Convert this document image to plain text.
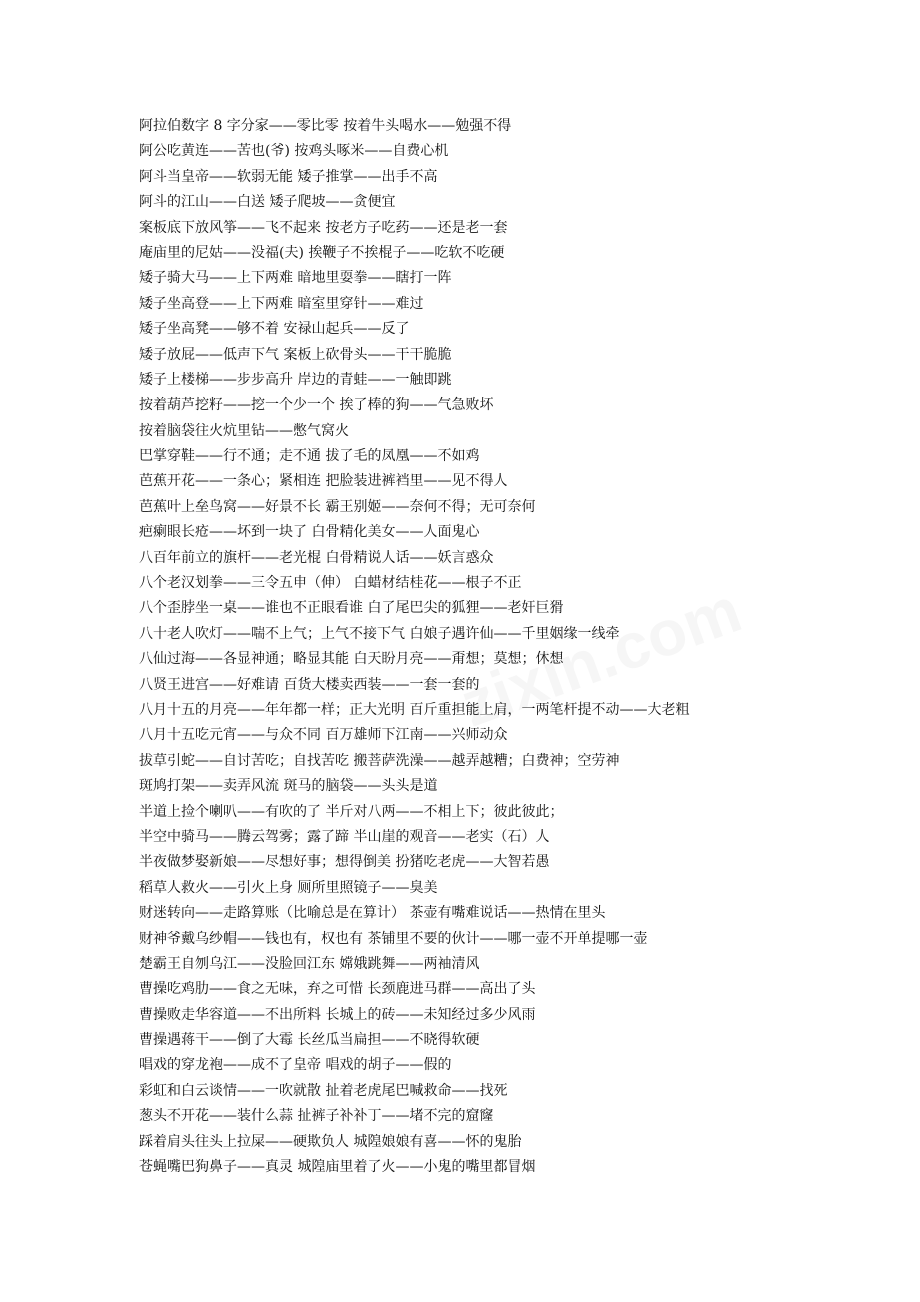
阿拉伯数字 8 字分家——零比零 按着牛头喝水——勉强不得
阿公吃黄连——苦也(爷) 按鸡头啄米——自费心机
阿斗当皇帝——软弱无能 矮子推掌——出手不高
阿斗的江山——白送 矮子爬坡——贪便宜
案板底下放风筝——飞不起来 按老方子吃药——还是老一套
庵庙里的尼姑——没福(夫) 挨鞭子不挨棍子——吃软不吃硬
矮子骑大马——上下两难 暗地里耍拳——瞎打一阵
矮子坐高登——上下两难 暗室里穿针——难过
矮子坐高凳——够不着 安禄山起兵——反了
矮子放屁——低声下气 案板上砍骨头——干干脆脆
矮子上楼梯——步步高升 岸边的青蛙——一触即跳
按着葫芦挖籽——挖一个少一个 挨了棒的狗——气急败坏
按着脑袋往火炕里钻——憋气窝火
巴掌穿鞋——行不通；走不通 拔了毛的凤凰——不如鸡
芭蕉开花——一条心；紧相连 把脸装进裤裆里——见不得人
芭蕉叶上垒鸟窝——好景不长 霸王别姬——奈何不得；无可奈何
疤瘌眼长疮——坏到一块了 白骨精化美女——人面鬼心
八百年前立的旗杆——老光棍 白骨精说人话——妖言惑众
八个老汉划拳——三令五申（伸） 白蜡材结桂花——根子不正
八个歪脖坐一桌——谁也不正眼看谁 白了尾巴尖的狐狸——老奸巨猾
八十老人吹灯——喘不上气；上气不接下气 白娘子遇许仙——千里姻缘一线牵
八仙过海——各显神通；略显其能 白天盼月亮——甭想；莫想；休想
八贤王进宫——好难请 百货大楼卖西装——一套一套的
八月十五的月亮——年年都一样；正大光明 百斤重担能上肩，一两笔杆提不动——大老粗
八月十五吃元宵——与众不同 百万雄师下江南——兴师动众
拔草引蛇——自讨苦吃；自找苦吃 搬菩萨洗澡——越弄越糟；白费神；空劳神
斑鸠打架——卖弄风流 斑马的脑袋——头头是道
半道上捡个喇叭——有吹的了 半斤对八两——不相上下；彼此彼此；
半空中骑马——腾云驾雾；露了蹄 半山崖的观音——老实（石）人
半夜做梦娶新娘——尽想好事；想得倒美 扮猪吃老虎——大智若愚
稻草人救火——引火上身 厕所里照镜子——臭美
财迷转向——走路算账（比喻总是在算计） 茶壶有嘴难说话——热情在里头
财神爷戴乌纱帽——钱也有，权也有 茶铺里不要的伙计——哪一壶不开单提哪一壶
楚霸王自刎乌江——没脸回江东 嫦娥跳舞——两袖清风
曹操吃鸡肋——食之无味，弃之可惜 长颈鹿进马群——高出了头
曹操败走华容道——不出所料 长城上的砖——未知经过多少风雨
曹操遇蒋干——倒了大霉 长丝瓜当扁担——不晓得软硬
唱戏的穿龙袍——成不了皇帝 唱戏的胡子——假的
彩虹和白云谈情——一吹就散 扯着老虎尾巴喊救命——找死
葱头不开花——装什么蒜 扯裤子补补丁——堵不完的窟窿
踩着肩头往头上拉屎——硬欺负人 城隍娘娘有喜——怀的鬼胎
苍蝇嘴巴狗鼻子——真灵 城隍庙里着了火——小鬼的嘴里都冒烟
